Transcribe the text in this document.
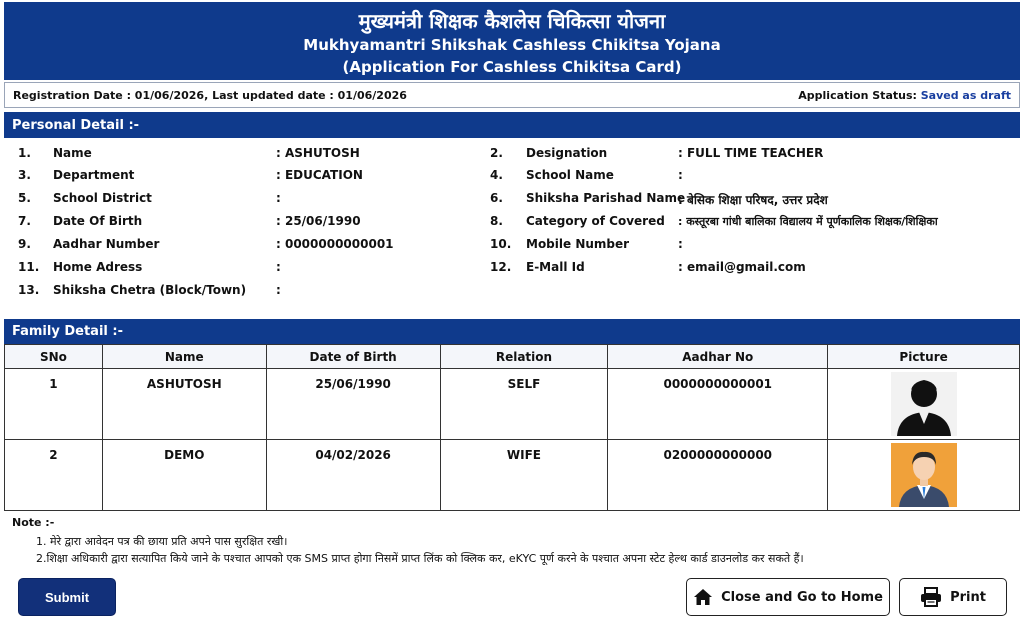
मुख्यमंत्री शिक्षक कैशलेस चिकित्सा योजना
Mukhyamantri Shikshak Cashless Chikitsa Yojana
(Application For Cashless Chikitsa Card)
Registration Date : 01/06/2026, Last updated date : 01/06/2026	Application Status: Saved as draft
Personal Detail :-
1. Name	: ASHUTOSH	2. Designation	: FULL TIME TEACHER
3. Department	: EDUCATION	4. School Name	:
5. School District	:	6. Shiksha Parishad Name
: बेसिक शिक्षा परिषद, उत्तर प्रदेश
7. Date Of Birth	: 25/06/1990	8. Category of Covered : कस्तूरबा गांधी बालिका विद्यालय में पूर्णकालिक शिक्षक/शिक्षिका
9. Aadhar Number	: 0000000000001	10. Mobile Number	:
11. Home Adress	:	12. E-Mall Id	: email@gmail.com
13. Shiksha Chetra (Block/Town) :
Family Detail :-
SNo	Name	Date of Birth	Relation	Aadhar No	Picture
1	ASHUTOSH	25/06/1990	SELF	0000000000001	

2	DEMO	04/02/2026	WIFE	0200000000000	
Note :-
1. मेरे द्वारा आवेदन पत्र की छाया प्रति अपने पास सुरक्षित रखी।
2.शिक्षा अधिकारी द्वारा सत्यापित किये जाने के पश्चात आपको एक SMS प्राप्त होगा निसमें प्राप्त लिंक को क्लिक कर, eKYC पूर्ण करने के पश्चात अपना स्टेट हेल्थ कार्ड डाउनलोड कर सकते हैं।
Submit	Close and Go to Home	Print
